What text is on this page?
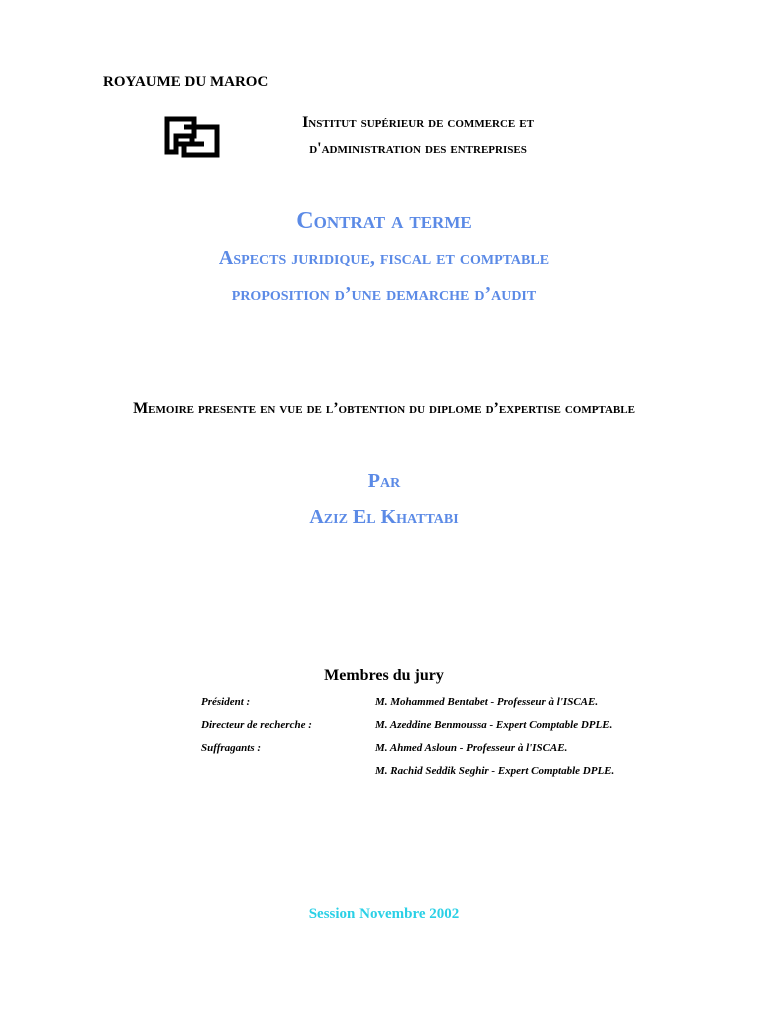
ROYAUME DU MAROC
Institut supérieur de commerce et
d'administration des entreprises
Contrat a terme
Aspects juridique, fiscal et comptable
proposition d’une demarche d’audit
Memoire presente en vue de l’obtention du diplome d’expertise comptable
Par
Aziz El Khattabi
Membres du jury
Président :	M. Mohammed Bentabet - Professeur à l'ISCAE.
Directeur de recherche :	M. Azeddine Benmoussa - Expert Comptable DPLE.
Suffragants :	M. Ahmed Asloun - Professeur à l'ISCAE.
M. Rachid Seddik Seghir - Expert Comptable DPLE.
Session Novembre 2002
